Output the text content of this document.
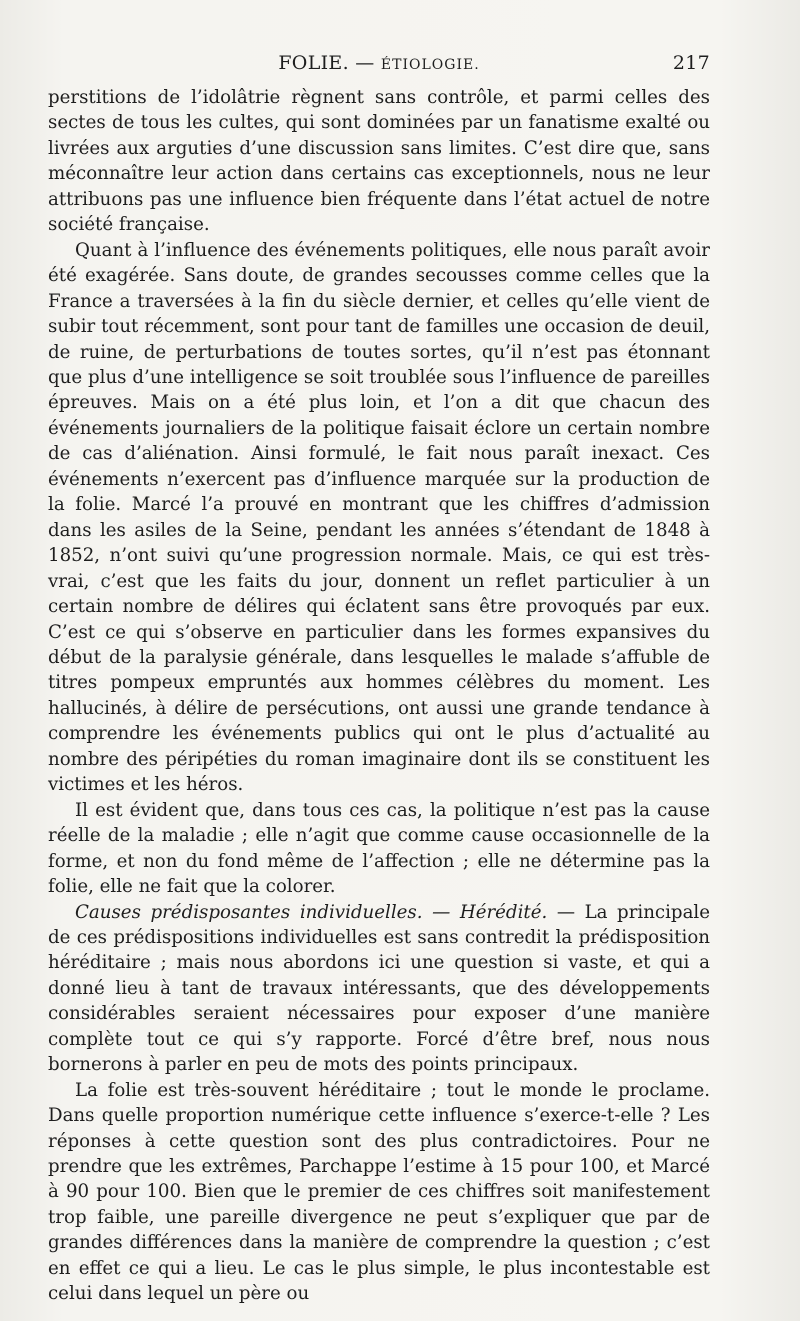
FOLIE. — ÉTIOLOGIE.	217

perstitions de l’idolâtrie règnent sans contrôle, et parmi celles des sectes de tous les cultes, qui sont dominées par un fanatisme exalté ou livrées aux arguties d’une discussion sans limites. C’est dire que, sans méconnaître leur action dans certains cas exceptionnels, nous ne leur attribuons pas une influence bien fréquente dans l’état actuel de notre société française.

Quant à l’influence des événements politiques, elle nous paraît avoir été exagérée. Sans doute, de grandes secousses comme celles que la France a traversées à la fin du siècle dernier, et celles qu’elle vient de subir tout récemment, sont pour tant de familles une occasion de deuil, de ruine, de perturbations de toutes sortes, qu’il n’est pas étonnant que plus d’une intelligence se soit troublée sous l’influence de pareilles épreuves. Mais on a été plus loin, et l’on a dit que chacun des événements journaliers de la politique faisait éclore un certain nombre de cas d’aliénation. Ainsi formulé, le fait nous paraît inexact. Ces événements n’exercent pas d’influence marquée sur la production de la folie. Marcé l’a prouvé en montrant que les chiffres d’admission dans les asiles de la Seine, pendant les années s’étendant de 1848 à 1852, n’ont suivi qu’une progression normale. Mais, ce qui est très-vrai, c’est que les faits du jour, donnent un reflet particulier à un certain nombre de délires qui éclatent sans être provoqués par eux. C’est ce qui s’observe en particulier dans les formes expansives du début de la paralysie générale, dans lesquelles le malade s’affuble de titres pompeux empruntés aux hommes célèbres du moment. Les hallucinés, à délire de persécutions, ont aussi une grande tendance à comprendre les événements publics qui ont le plus d’actualité au nombre des péripéties du roman imaginaire dont ils se constituent les victimes et les héros.

Il est évident que, dans tous ces cas, la politique n’est pas la cause réelle de la maladie ; elle n’agit que comme cause occasionnelle de la forme, et non du fond même de l’affection ; elle ne détermine pas la folie, elle ne fait que la colorer.

Causes prédisposantes individuelles. — Hérédité. — La principale de ces prédispositions individuelles est sans contredit la prédisposition héréditaire ; mais nous abordons ici une question si vaste, et qui a donné lieu à tant de travaux intéressants, que des développements considérables seraient nécessaires pour exposer d’une manière complète tout ce qui s’y rapporte. Forcé d’être bref, nous nous bornerons à parler en peu de mots des points principaux.

La folie est très-souvent héréditaire ; tout le monde le proclame. Dans quelle proportion numérique cette influence s’exerce-t-elle ? Les réponses à cette question sont des plus contradictoires. Pour ne prendre que les extrêmes, Parchappe l’estime à 15 pour 100, et Marcé à 90 pour 100. Bien que le premier de ces chiffres soit manifestement trop faible, une pareille divergence ne peut s’expliquer que par de grandes différences dans la manière de comprendre la question ; c’est en effet ce qui a lieu. Le cas le plus simple, le plus incontestable est celui dans lequel un père ou
